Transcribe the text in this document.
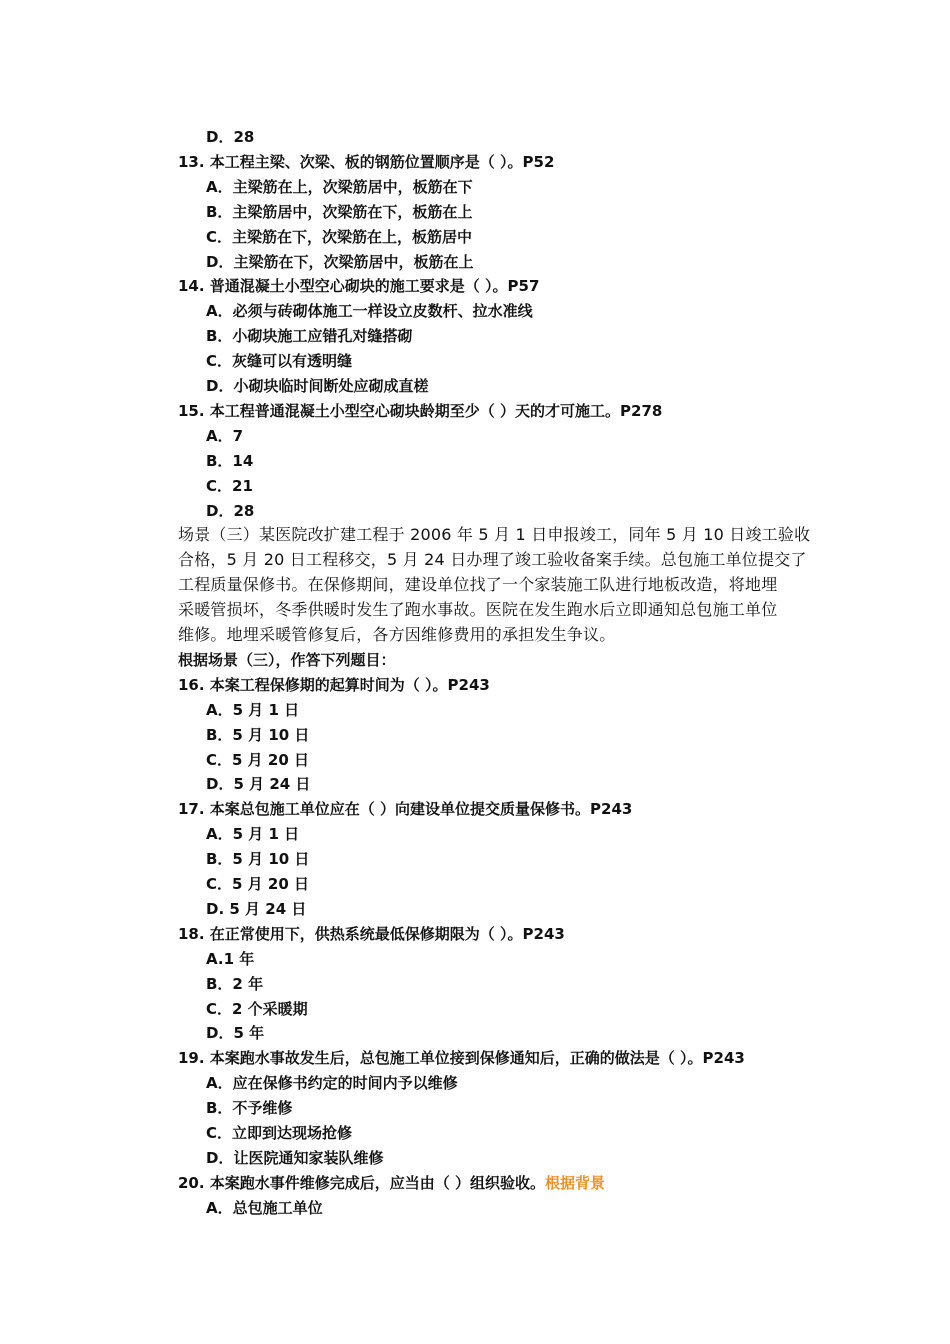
D．28
13. 本工程主梁、次梁、板的钢筋位置顺序是（ ）。P52
A．主梁筋在上，次梁筋居中，板筋在下
B．主梁筋居中，次梁筋在下，板筋在上
C．主梁筋在下，次梁筋在上，板筋居中
D．主梁筋在下，次梁筋居中，板筋在上
14. 普通混凝土小型空心砌块的施工要求是（ ）。P57
A．必须与砖砌体施工一样设立皮数杆、拉水准线
B．小砌块施工应错孔对缝搭砌
C．灰缝可以有透明缝
D．小砌块临时间断处应砌成直槎
15. 本工程普通混凝土小型空心砌块龄期至少（ ）天的才可施工。P278
A．7
B．14
C．21
D．28
场景（三）某医院改扩建工程于 2006 年 5 月 1 日申报竣工，同年 5 月 10 日竣工验收
合格，5 月 20 日工程移交，5 月 24 日办理了竣工验收备案手续。总包施工单位提交了
工程质量保修书。在保修期间，建设单位找了一个家装施工队进行地板改造，将地埋
采暖管损坏，冬季供暖时发生了跑水事故。医院在发生跑水后立即通知总包施工单位
维修。地埋采暖管修复后，各方因维修费用的承担发生争议。
根据场景（三），作答下列题目：
16. 本案工程保修期的起算时间为（ ）。P243
A．5 月 1 日
B．5 月 10 日
C．5 月 20 日
D．5 月 24 日
17. 本案总包施工单位应在（ ）向建设单位提交质量保修书。P243
A．5 月 1 日
B．5 月 10 日
C．5 月 20 日
D. 5 月 24 日
18. 在正常使用下，供热系统最低保修期限为（ ）。P243
A.1 年
B．2 年
C．2 个采暖期
D．5 年
19. 本案跑水事故发生后，总包施工单位接到保修通知后，正确的做法是（ ）。P243
A．应在保修书约定的时间内予以维修
B．不予维修
C．立即到达现场抢修
D．让医院通知家装队维修
20. 本案跑水事件维修完成后，应当由（ ）组织验收。根据背景
A．总包施工单位
